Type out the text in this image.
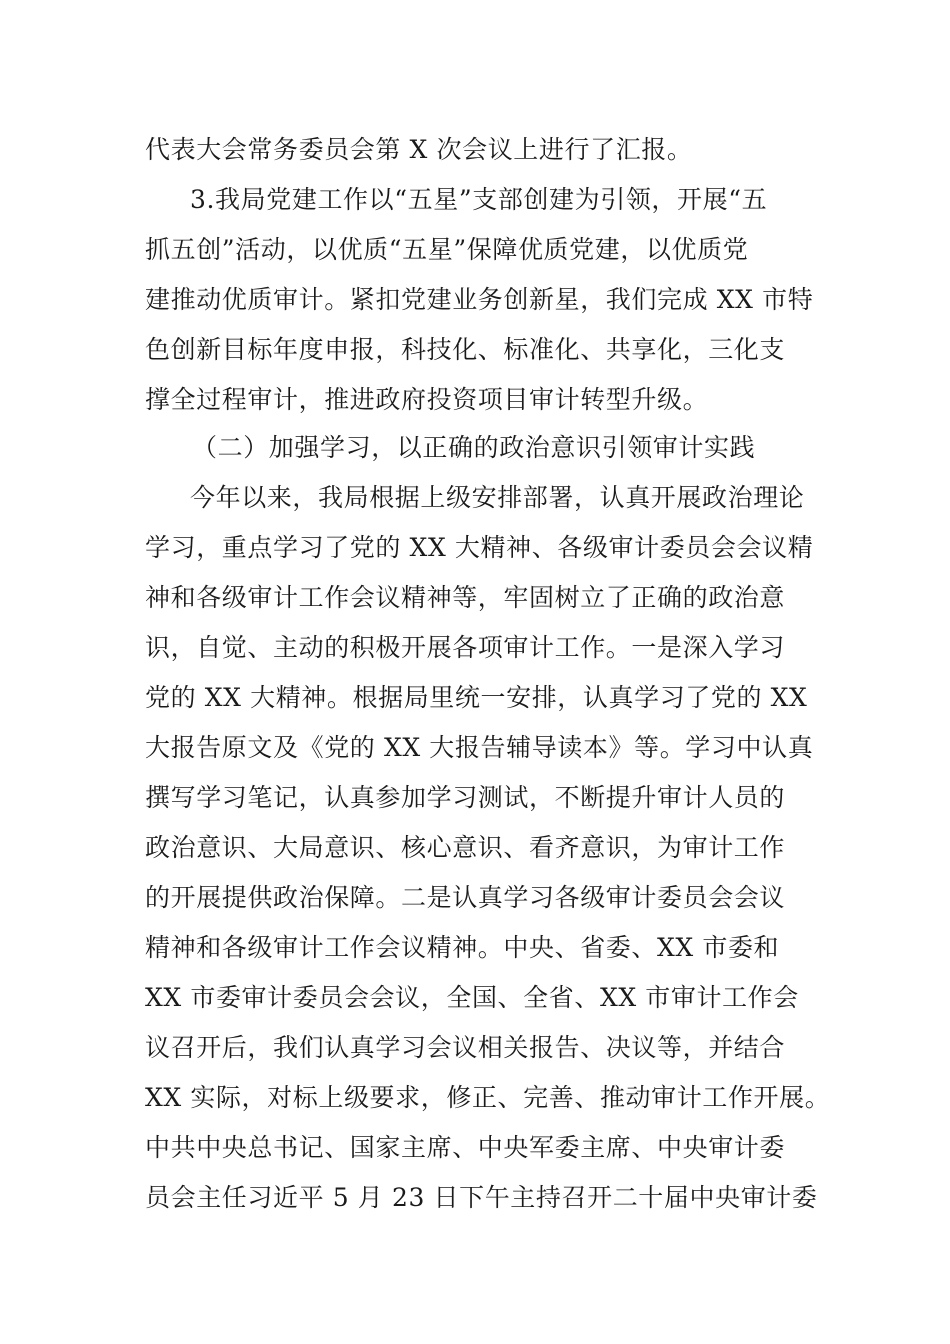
代表大会常务委员会第 X 次会议上进行了汇报。
3.我局党建工作以“五星”支部创建为引领，开展“五
抓五创”活动，以优质“五星”保障优质党建，以优质党
建推动优质审计。紧扣党建业务创新星，我们完成 XX 市特
色创新目标年度申报，科技化、标准化、共享化，三化支
撑全过程审计，推进政府投资项目审计转型升级。
（二）加强学习，以正确的政治意识引领审计实践
今年以来，我局根据上级安排部署，认真开展政治理论
学习，重点学习了党的 XX 大精神、各级审计委员会会议精
神和各级审计工作会议精神等，牢固树立了正确的政治意
识，自觉、主动的积极开展各项审计工作。一是深入学习
党的 XX 大精神。根据局里统一安排，认真学习了党的 XX
大报告原文及《党的 XX 大报告辅导读本》等。学习中认真
撰写学习笔记，认真参加学习测试，不断提升审计人员的
政治意识、大局意识、核心意识、看齐意识，为审计工作
的开展提供政治保障。二是认真学习各级审计委员会会议
精神和各级审计工作会议精神。中央、省委、XX 市委和
XX 市委审计委员会会议，全国、全省、XX 市审计工作会
议召开后，我们认真学习会议相关报告、决议等，并结合
XX 实际，对标上级要求，修正、完善、推动审计工作开展。
中共中央总书记、国家主席、中央军委主席、中央审计委
员会主任习近平 5 月 23 日下午主持召开二十届中央审计委
